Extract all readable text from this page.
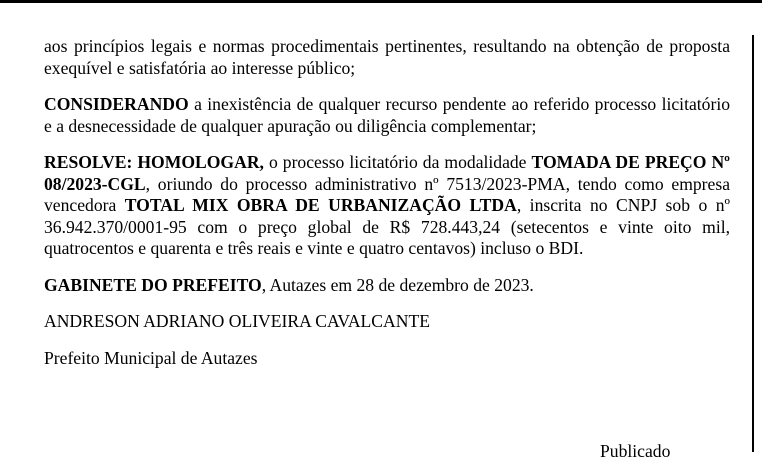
aos princípios legais e normas procedimentais pertinentes, resultando na obtenção de proposta exequível e satisfatória ao interesse público;

CONSIDERANDO a inexistência de qualquer recurso pendente ao referido processo licitatório e a desnecessidade de qualquer apuração ou diligência complementar;

RESOLVE: HOMOLOGAR, o processo licitatório da modalidade TOMADA DE PREÇO Nº 08/2023-CGL, oriundo do processo administrativo nº 7513/2023-PMA, tendo como empresa vencedora TOTAL MIX OBRA DE URBANIZAÇÃO LTDA, inscrita no CNPJ sob o nº 36.942.370/0001-95 com o preço global de R$ 728.443,24 (setecentos e vinte oito mil, quatrocentos e quarenta e três reais e vinte e quatro centavos) incluso o BDI.

GABINETE DO PREFEITO, Autazes em 28 de dezembro de 2023.

ANDRESON ADRIANO OLIVEIRA CAVALCANTE

Prefeito Municipal de Autazes

Publicado
